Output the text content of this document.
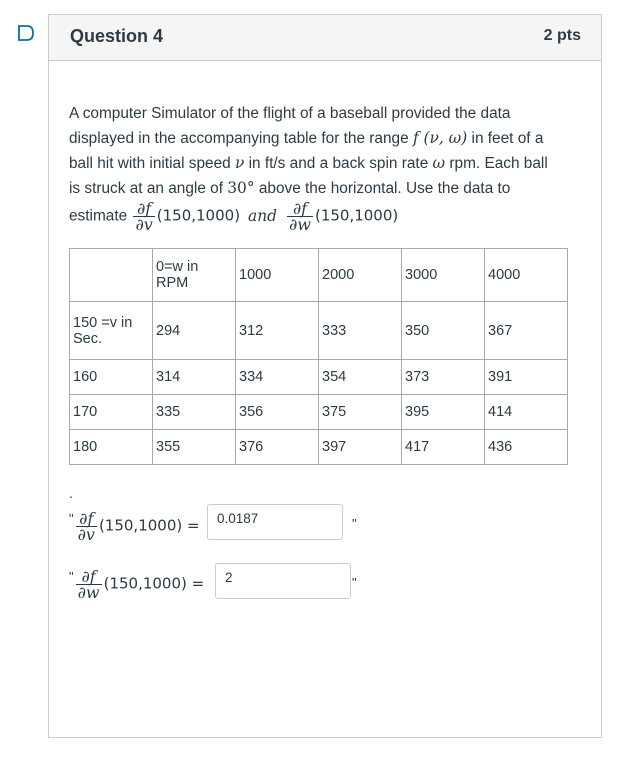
Question 4	2 pts
A computer Simulator of the flight of a baseball provided the data
displayed in the accompanying table for the range f (ν, ω) in feet of a
ball hit with initial speed ν in ft/s and a back spin rate ω rpm. Each ball
is struck at an angle of 30° above the horizontal. Use the data to
estimate $\frac{\partial f}{\partial v} (150,1000)$ and $\frac{\partial f}{\partial w} (150,1000)$
	0=w in RPM	1000	2000	3000	4000
150 =v in Sec.	294	312	333	350	367
160	314	334	354	373	391
170	335	356	375	395	414
180	355	376	397	417	436
.
" $\frac{\partial f}{\partial v} (150,1000)$ =	0.0187	"
" $\frac{\partial f}{\partial w} (150,1000)$ =	2	"
